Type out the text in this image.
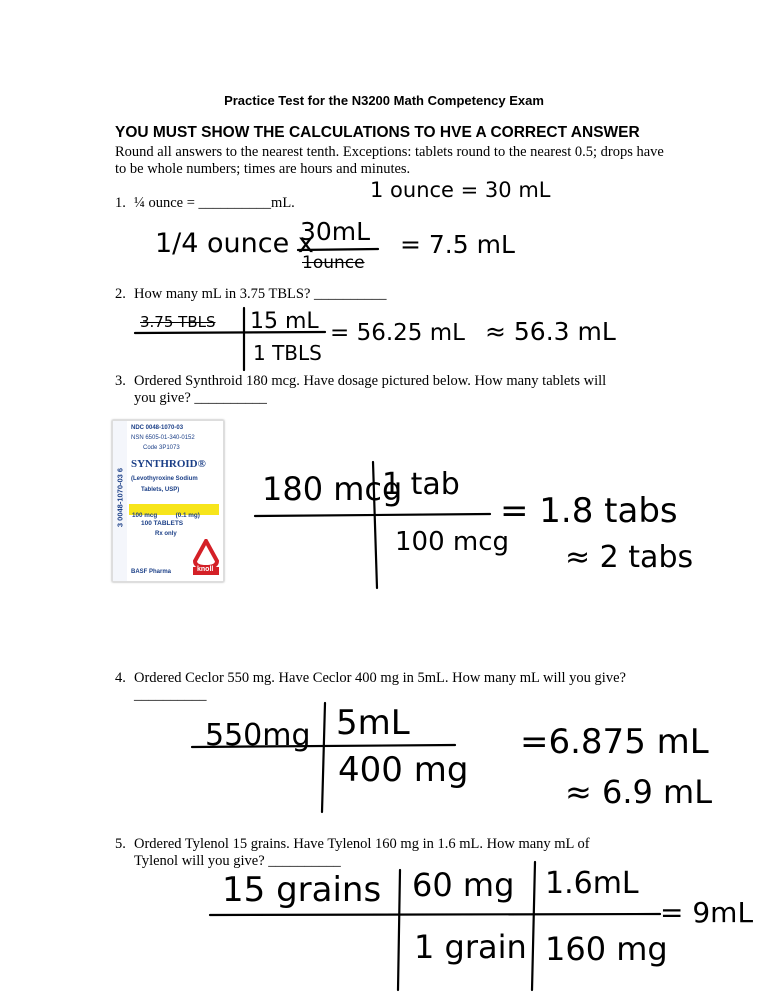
Practice Test for the N3200 Math Competency Exam
YOU MUST SHOW THE CALCULATIONS TO HVE A CORRECT ANSWER
Round all answers to the nearest tenth. Exceptions: tablets round to the nearest 0.5; drops have to be whole numbers; times are hours and minutes.
1. ¼ ounce = __________mL.
1 ounce = 30 mL
1/4 ounce x
30mL
1ounce
= 7.5 mL
2. How many mL in 3.75 TBLS? __________
3.75 TBLS 15 mL
1 TBLS
= 56.25 mL ≈ 56.3 mL
3. Ordered Synthroid 180 mcg. Have dosage pictured below. How many tablets will
you give? __________
3 0048-1070-03 6
NDC 0048-1070-03
NSN 6505-01-340-0152
Code 3P1073
SYNTHROID®
(Levothyroxine Sodium
Tablets, USP)
100 mcg	(0.1 mg)
100 TABLETS
Rx only
BASF Pharma	knoll
180 mcg
1 tab
100 mcg
= 1.8 tabs
≈ 2 tabs
4. Ordered Ceclor 550 mg. Have Ceclor 400 mg in 5mL. How many mL will you give?
__________
550mg 5mL
400 mg
=6.875 mL
≈ 6.9 mL
5. Ordered Tylenol 15 grains. Have Tylenol 160 mg in 1.6 mL. How many mL of
Tylenol will you give? __________
15 grains 60 mg
1 grain
1.6mL
160 mg
= 9mL
